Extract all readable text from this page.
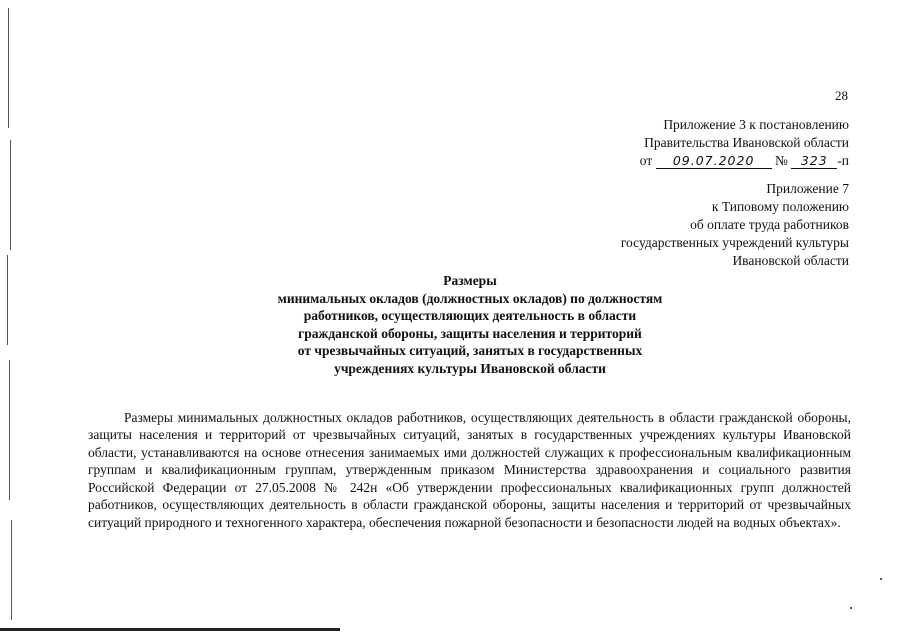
28
Приложение 3 к постановлению
Правительства Ивановской области
от 09.07.2020 № 323 -п
Приложение 7
к Типовому положению
об оплате труда работников
государственных учреждений культуры
Ивановской области
Размеры
минимальных окладов (должностных окладов) по должностям
работников, осуществляющих деятельность в области
гражданской обороны, защиты населения и территорий
от чрезвычайных ситуаций, занятых в государственных
учреждениях культуры Ивановской области

Размеры минимальных должностных окладов работников, осуществляющих деятельность в области гражданской обороны, защиты населения и территорий от чрезвычайных ситуаций, занятых в государственных учреждениях культуры Ивановской области, устанавливаются на основе отнесения занимаемых ими должностей служащих к профессиональным квалификационным группам и квалификационным группам, утвержденным приказом Министерства здравоохранения и социального развития Российской Федерации от 27.05.2008 № 242н «Об утверждении профессиональных квалификационных групп должностей работников, осуществляющих деятельность в области гражданской обороны, защиты населения и территорий от чрезвычайных ситуаций природного и техногенного характера, обеспечения пожарной безопасности и безопасности людей на водных объектах».
